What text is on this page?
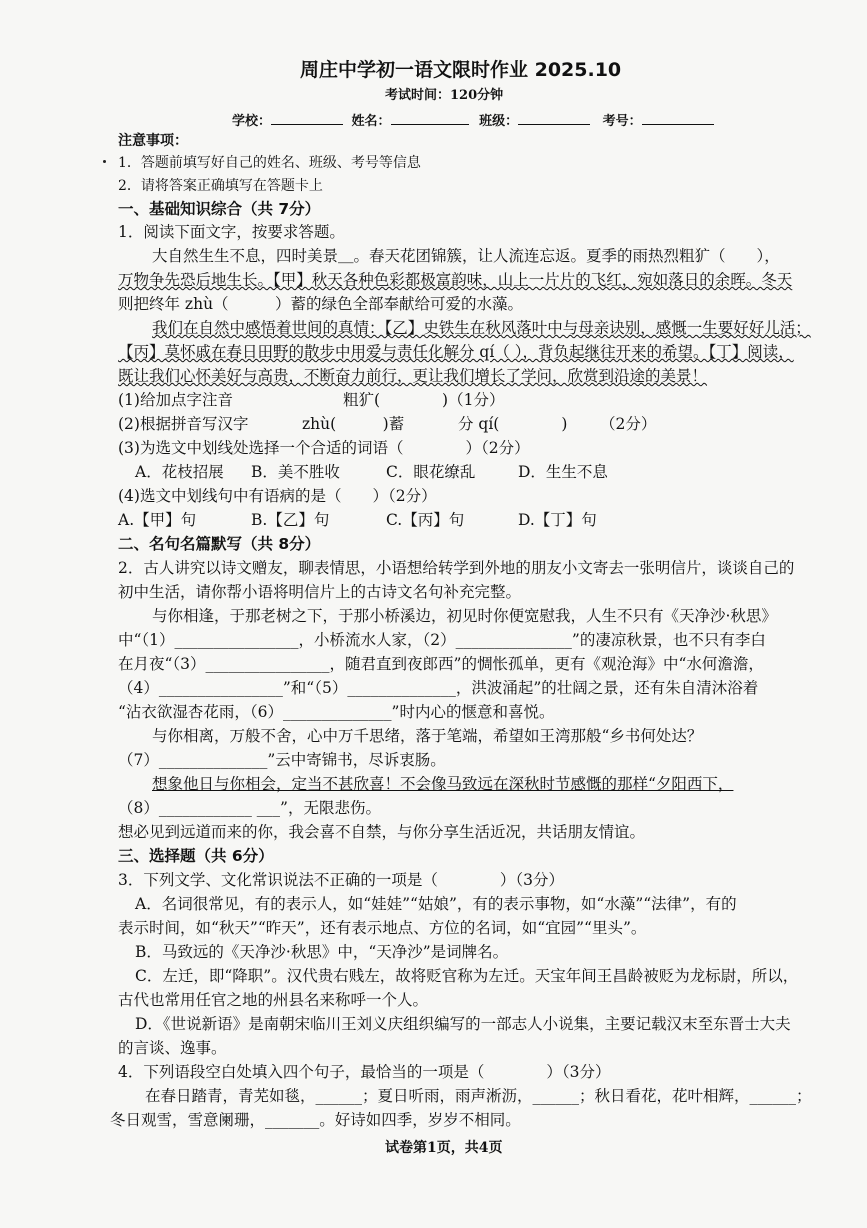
周庄中学初一语文限时作业 2025.10
考试时间：120分钟
学校：	姓名：	班级：	考号：
注意事项：
1．答题前填写好自己的姓名、班级、考号等信息
2．请将答案正确填写在答题卡上
一、基础知识综合（共 7分）
1．阅读下面文字，按要求答题。
大自然生生不息，四时美景＿。春天花团锦簇，让人流连忘返。夏季的雨热烈粗犷（　　），
万物争先恐后地生长。【甲】秋天各种色彩都极富韵味，山上一片片的飞红，宛如落日的余晖。冬天
则把终年 zhù（　　　）蓄的绿色全部奉献给可爱的水藻。
我们在自然中感悟着世间的真情：【乙】史铁生在秋风落叶中与母亲诀别，感慨一生要好好儿活；
【丙】莫怀戚在春日田野的散步中用爱与责任化解分 qí（ ），背负起继往开来的希望。【丁】阅读，
既让我们心怀美好与高贵，不断奋力前行，更让我们增长了学问，欣赏到沿途的美景！
(1)给加点字注音	粗犷(　　　　)（1分）
(2)根据拼音写汉字	zhù(　　　)蓄	分 qí(　　　　) （2分）
(3)为选文中划线处选择一个合适的词语（　　　　）（2分）
A．花枝招展 B．美不胜收	C．眼花缭乱	D．生生不息
(4)选文中划线句中有语病的是（　　）（2分）
A.【甲】句	B.【乙】句	C.【丙】句	D.【丁】句
二、名句名篇默写（共 8分）
2．古人讲究以诗文赠友，聊表情思，小语想给转学到外地的朋友小文寄去一张明信片，谈谈自己的
初中生活，请你帮小语将明信片上的古诗文名句补充完整。
与你相逢，于那老树之下，于那小桥溪边，初见时你便宽慰我，人生不只有《天净沙·秋思》
中“（1）________________，小桥流水人家，（2）_______________”的凄凉秋景，也不只有李白
在月夜“（3）________________，随君直到夜郎西”的惆怅孤单，更有《观沧海》中“水何澹澹，
（4）________________”和“（5）______________，洪波涌起”的壮阔之景，还有朱自清沐浴着
“沾衣欲湿杏花雨，（6）______________”时内心的惬意和喜悦。
与你相离，万般不舍，心中万千思绪，落于笔端，希望如王湾那般“乡书何处达？
（7）______________”云中寄锦书，尽诉衷肠。
想象他日与你相会，定当不甚欣喜！不会像马致远在深秋时节感慨的那样“夕阳西下，
（8）____________ ___”，无限悲伤。
想必见到远道而来的你，我会喜不自禁，与你分享生活近况，共话朋友情谊。
三、选择题（共 6分）
3．下列文学、文化常识说法不正确的一项是（　　　　）（3分）
A．名词很常见，有的表示人，如“娃娃”“姑娘”，有的表示事物，如“水藻”“法律”，有的
表示时间，如“秋天”“昨天”，还有表示地点、方位的名词，如“宜园”“里头”。
B．马致远的《天净沙·秋思》中，“天净沙”是词牌名。
C．左迁，即“降职”。汉代贵右贱左，故将贬官称为左迁。天宝年间王昌龄被贬为龙标尉，所以，
古代也常用任官之地的州县名来称呼一个人。
D．《世说新语》是南朝宋临川王刘义庆组织编写的一部志人小说集，主要记载汉末至东晋士大夫
的言谈、逸事。
4．下列语段空白处填入四个句子，最恰当的一项是（　　　　）（3分）
在春日踏青，青芜如毯，______；夏日听雨，雨声淅沥，______；秋日看花，花叶相辉，______；
冬日观雪，雪意阑珊，_______。好诗如四季，岁岁不相同。
试卷第1页，共4页
